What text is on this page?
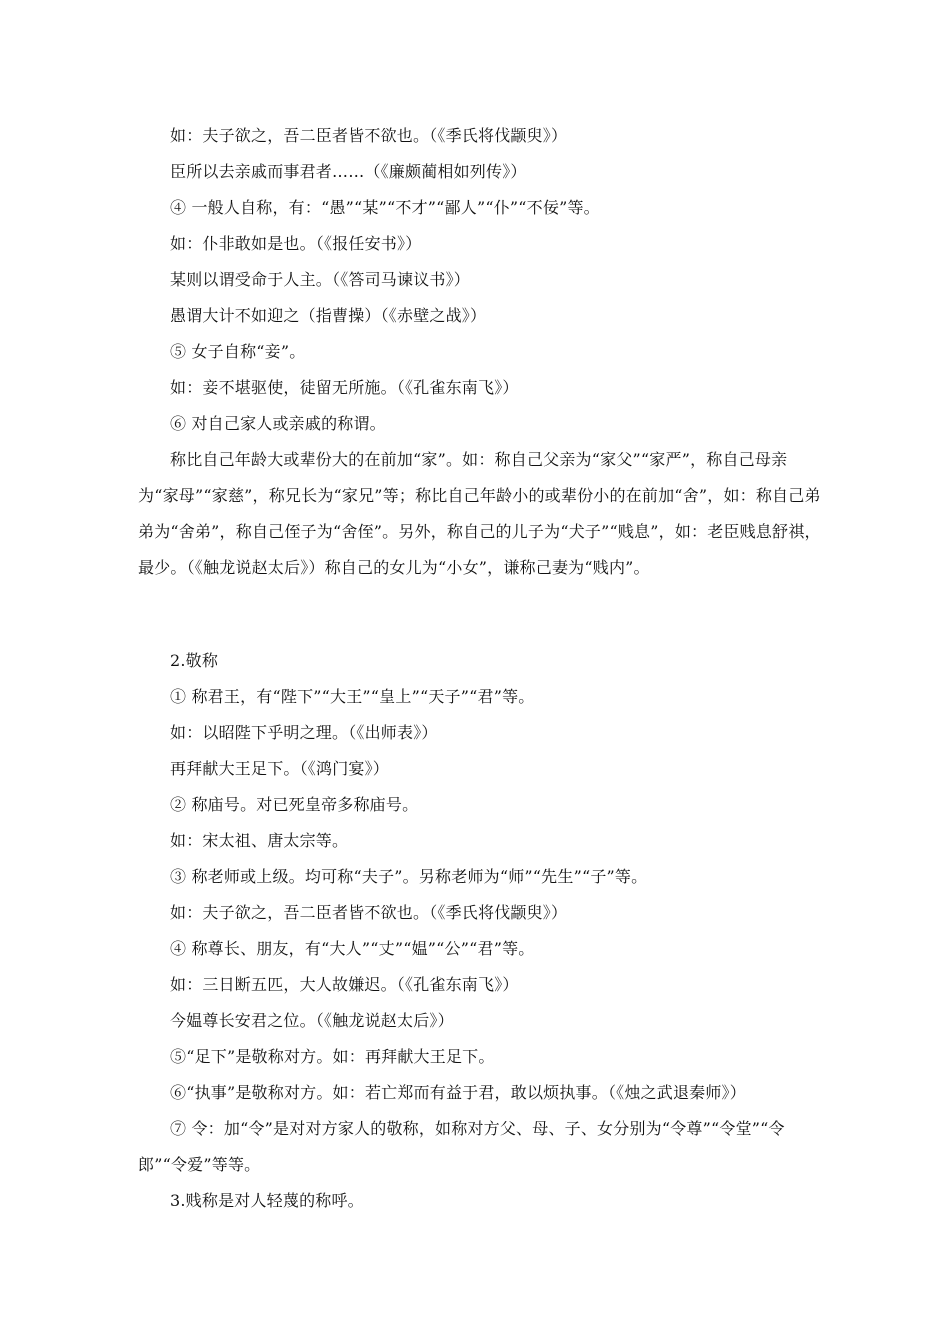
如：夫子欲之，吾二臣者皆不欲也。（《季氏将伐颛臾》）

臣所以去亲戚而事君者……（《廉颇蔺相如列传》）

④ 一般人自称，有：“愚”“某”“不才”“鄙人”“仆”“不佞”等。

如：仆非敢如是也。（《报任安书》）

某则以谓受命于人主。（《答司马谏议书》）

愚谓大计不如迎之（指曹操）（《赤壁之战》）

⑤ 女子自称“妾”。

如：妾不堪驱使，徒留无所施。（《孔雀东南飞》）

⑥ 对自己家人或亲戚的称谓。

称比自己年龄大或辈份大的在前加“家”。如：称自己父亲为“家父”“家严”，称自己母亲为“家母”“家慈”，称兄长为“家兄”等；称比自己年龄小的或辈份小的在前加“舍”，如：称自己弟弟为“舍弟”，称自己侄子为“舍侄”。另外，称自己的儿子为“犬子”“贱息”，如：老臣贱息舒祺，最少。（《触龙说赵太后》）称自己的女儿为“小女”，谦称己妻为“贱内”。

2.敬称

① 称君王，有“陛下”“大王”“皇上”“天子”“君”等。

如：以昭陛下乎明之理。（《出师表》）

再拜献大王足下。（《鸿门宴》）

② 称庙号。对已死皇帝多称庙号。

如：宋太祖、唐太宗等。

③ 称老师或上级。均可称“夫子”。另称老师为“师”“先生”“子”等。

如：夫子欲之，吾二臣者皆不欲也。（《季氏将伐颛臾》）

④ 称尊长、朋友，有“大人”“丈”“媪”“公”“君”等。

如：三日断五匹，大人故嫌迟。（《孔雀东南飞》）

今媪尊长安君之位。（《触龙说赵太后》）

⑤“足下”是敬称对方。如：再拜献大王足下。

⑥“执事”是敬称对方。如：若亡郑而有益于君，敢以烦执事。（《烛之武退秦师》）

⑦ 令：加“令”是对对方家人的敬称，如称对方父、母、子、女分别为“令尊”“令堂”“令郎”“令爱”等等。

3.贱称是对人轻蔑的称呼。
